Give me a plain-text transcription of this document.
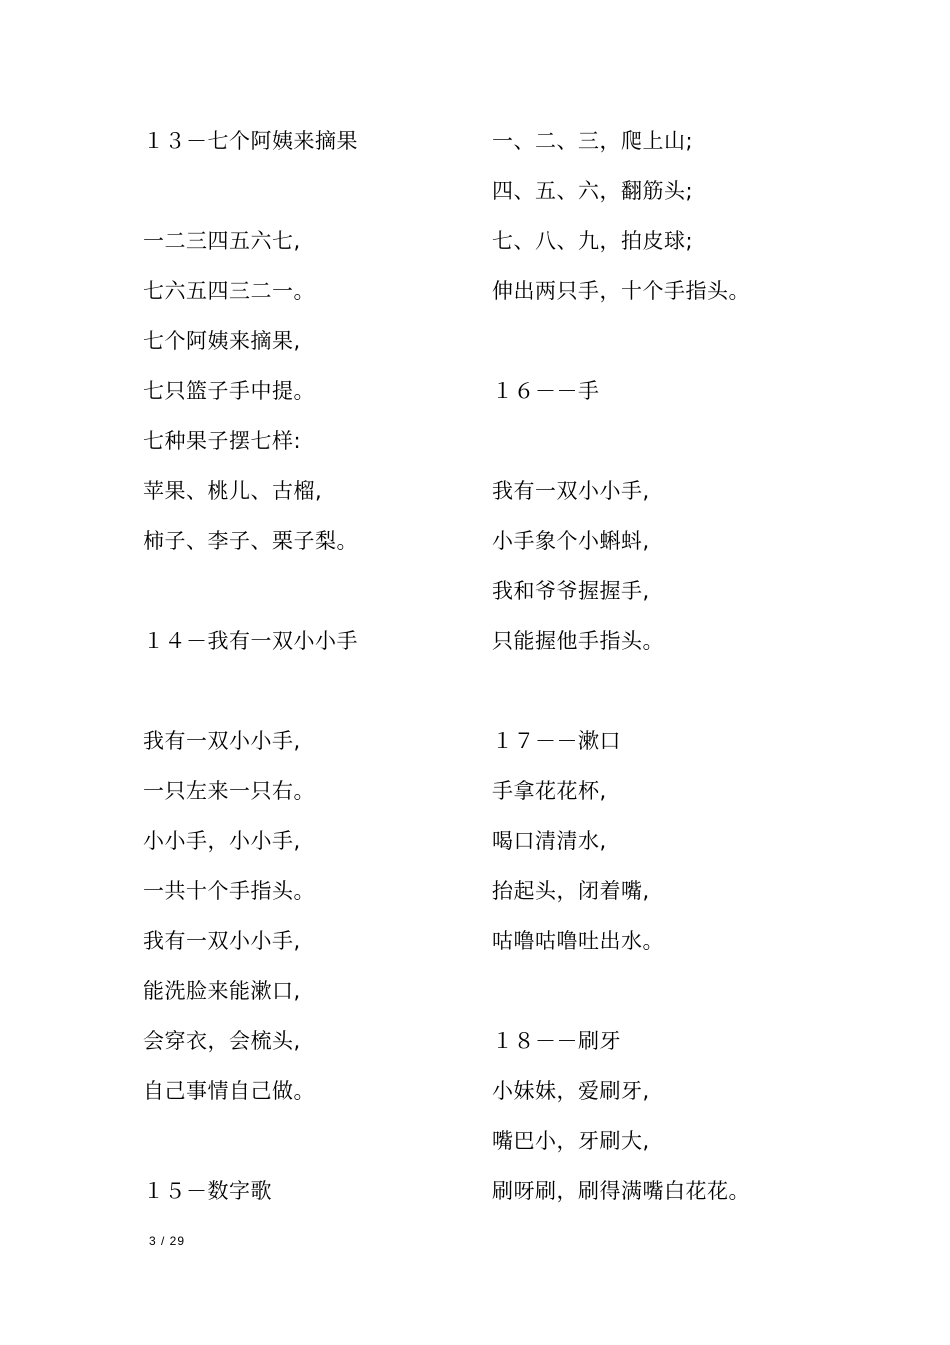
１３－七个阿姨来摘果
一二三四五六七,
七六五四三二一。
七个阿姨来摘果,
七只篮子手中提。
七种果子摆七样:
苹果、桃儿、古榴,
柿子、李子、栗子梨。
１４－我有一双小小手
我有一双小小手,
一只左来一只右。
小小手，小小手,
一共十个手指头。
我有一双小小手,
能洗脸来能漱口,
会穿衣，会梳头,
自己事情自己做。
１５－数字歌
一、二、三，爬上山;
四、五、六，翻筋头;
七、八、九，拍皮球;
伸出两只手，十个手指头。
１６－－手
我有一双小小手,
小手象个小蝌蚪,
我和爷爷握握手,
只能握他手指头。
１７－－漱口
手拿花花杯,
喝口清清水,
抬起头，闭着嘴,
咕噜咕噜吐出水。
１８－－刷牙
小妹妹，爱刷牙,
嘴巴小，牙刷大,
刷呀刷，刷得满嘴白花花。
3 / 29
